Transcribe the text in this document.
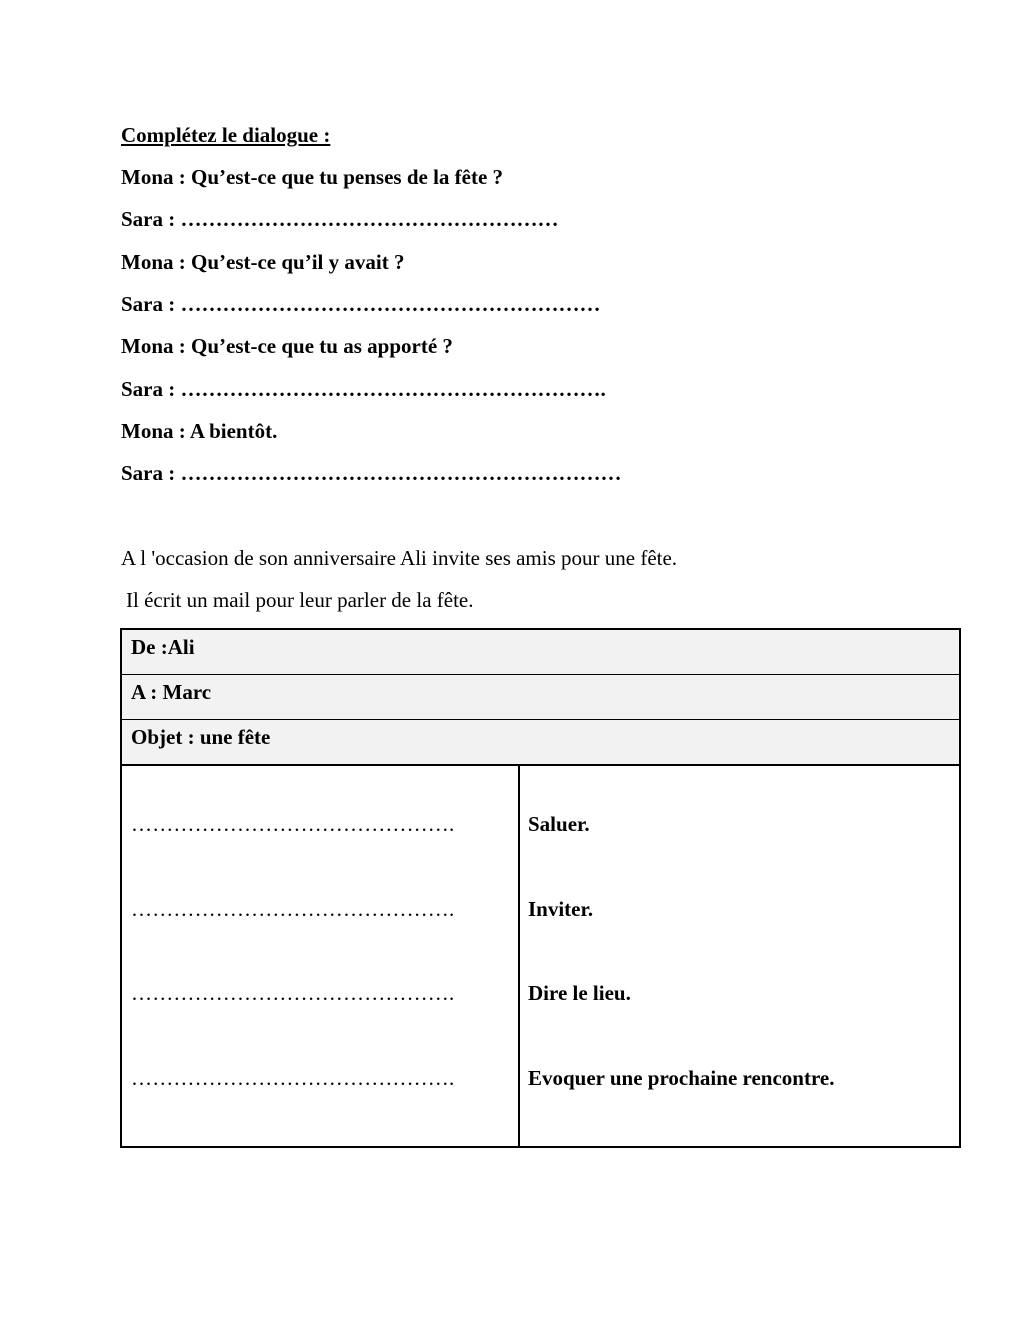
Complétez le dialogue :
Mona : Qu’est-ce que tu penses de la fête ?
Sara : ………………………………………………
Mona : Qu’est-ce qu’il y avait ?
Sara : ……………………………………………………
Mona : Qu’est-ce que tu as apporté ?
Sara : …………………………………………………….
Mona : A bientôt.
Sara : ………………………………………………………
A l 'occasion de son anniversaire Ali invite ses amis pour une fête.
Il écrit un mail pour leur parler de la fête.
De :Ali
A : Marc
Objet : une fête
……………………………………….	Saluer.
……………………………………….	Inviter.
……………………………………….	Dire le lieu.
……………………………………….	Evoquer une prochaine rencontre.
